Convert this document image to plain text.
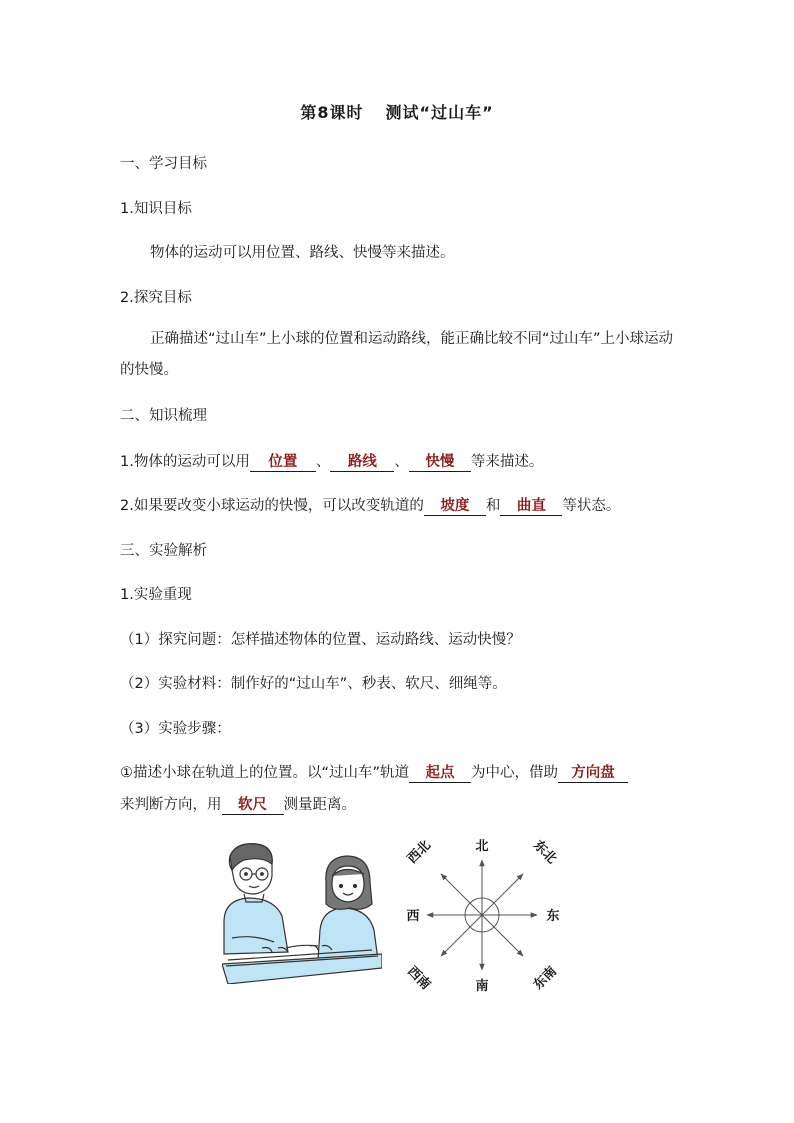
第8课时 测试“过山车”
一、学习目标
1.知识目标
物体的运动可以用位置、路线、快慢等来描述。
2.探究目标
正确描述“过山车”上小球的位置和运动路线，能正确比较不同“过山车”上小球运动的快慢。
二、知识梳理
1.物体的运动可以用 位置 、 路线 、 快慢 等来描述。
2.如果要改变小球运动的快慢，可以改变轨道的 坡度 和 曲直 等状态。
三、实验解析
1.实验重现
（1）探究问题：怎样描述物体的位置、运动路线、运动快慢？
（2）实验材料：制作好的“过山车”、秒表、软尺、细绳等。
（3）实验步骤：
①描述小球在轨道上的位置。以“过山车”轨道 起点 为中心，借助 方向盘
来判断方向，用 软尺 测量距离。
北
南
东
西
东北
西北
东南
西南
